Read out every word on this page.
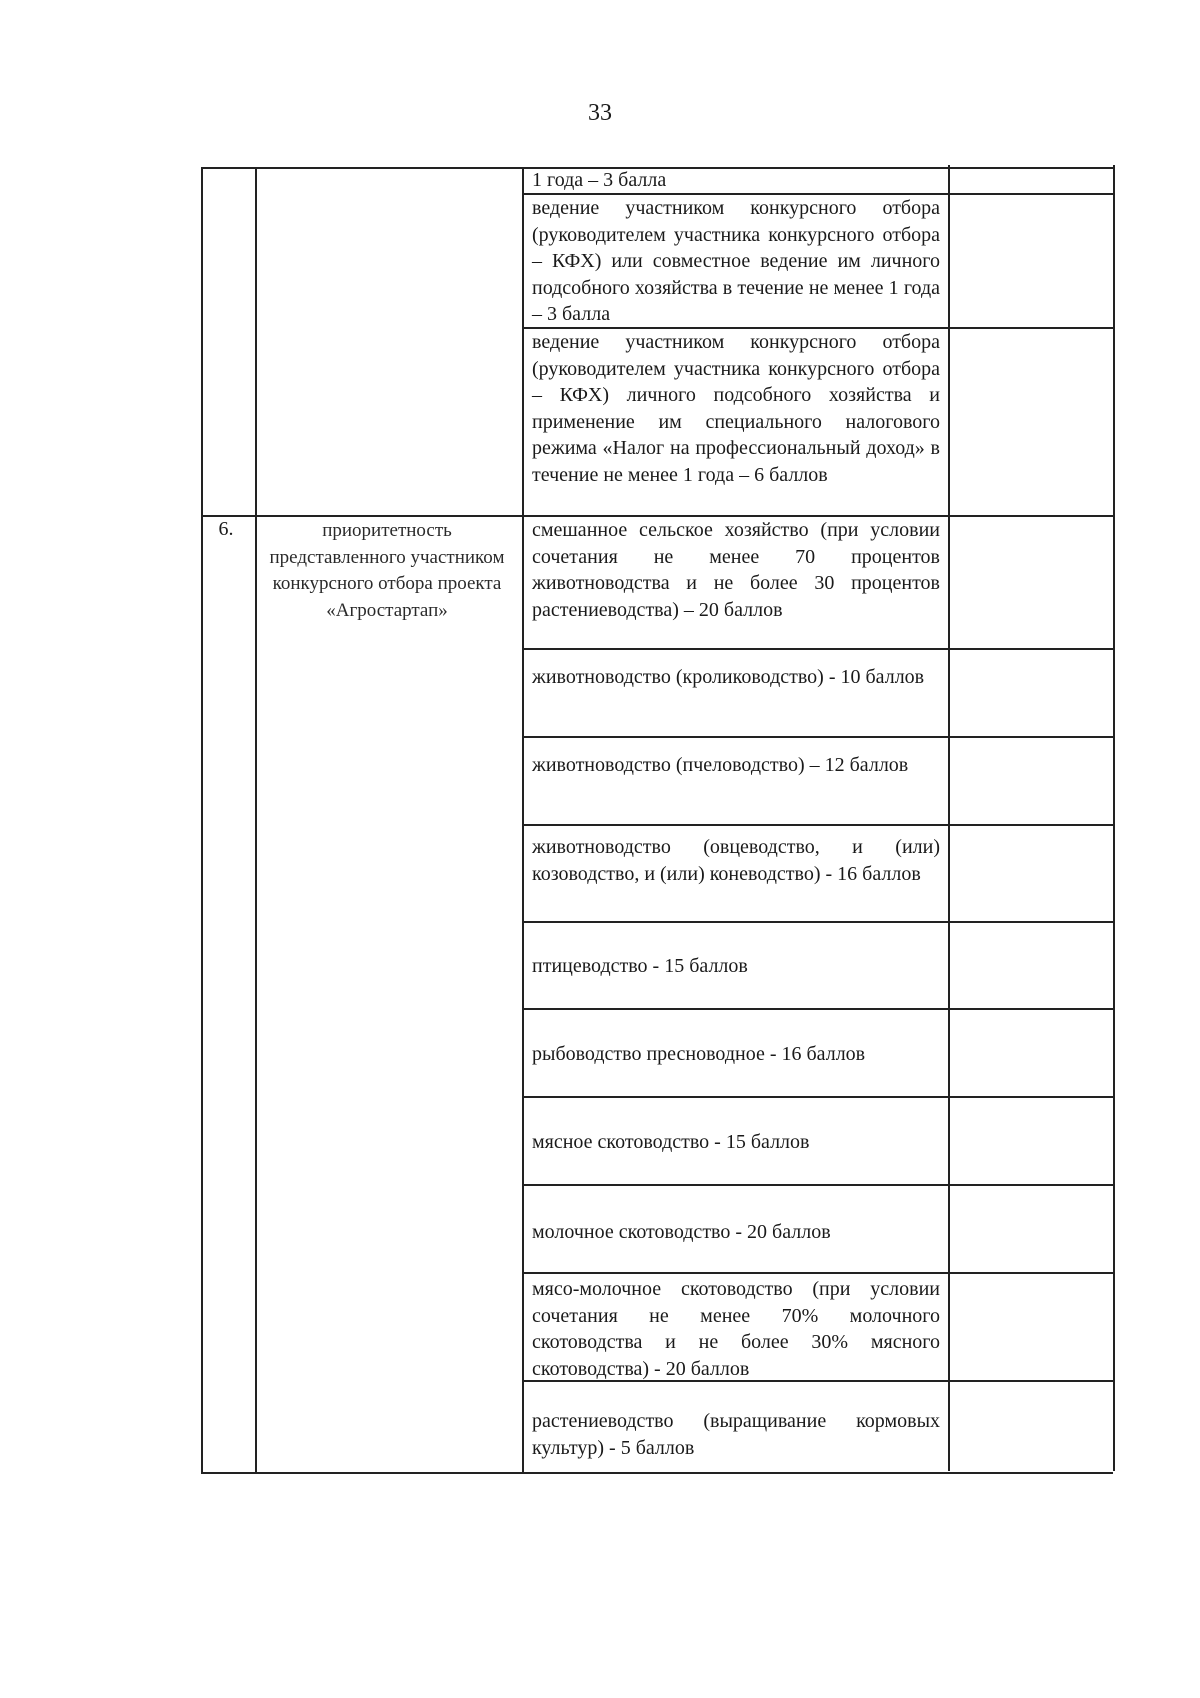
33
1 года – 3 балла
ведение участником конкурсного отбора (руководителем участника конкурсного отбора – КФХ) или совместное ведение им личного подсобного хозяйства в течение не менее 1 года – 3 балла
ведение участником конкурсного отбора (руководителем участника конкурсного отбора – КФХ) личного подсобного хозяйства и применение им специального налогового режима «Налог на профессиональный доход» в течение не менее 1 года – 6 баллов
6.	приоритетность представленного участником конкурсного отбора проекта «Агростартап»
смешанное сельское хозяйство (при условии сочетания не менее 70 процентов животноводства и не более 30 процентов растениеводства) – 20 баллов
животноводство (кролиководство) - 10 баллов
животноводство (пчеловодство) – 12 баллов
животноводство (овцеводство, и (или) козоводство, и (или) коневодство) - 16 баллов
птицеводство - 15 баллов
рыбоводство пресноводное - 16 баллов
мясное скотоводство - 15 баллов
молочное скотоводство - 20 баллов
мясо-молочное скотоводство (при условии сочетания не менее 70% молочного скотоводства и не более 30% мясного скотоводства) - 20 баллов
растениеводство (выращивание кормовых культур) - 5 баллов
